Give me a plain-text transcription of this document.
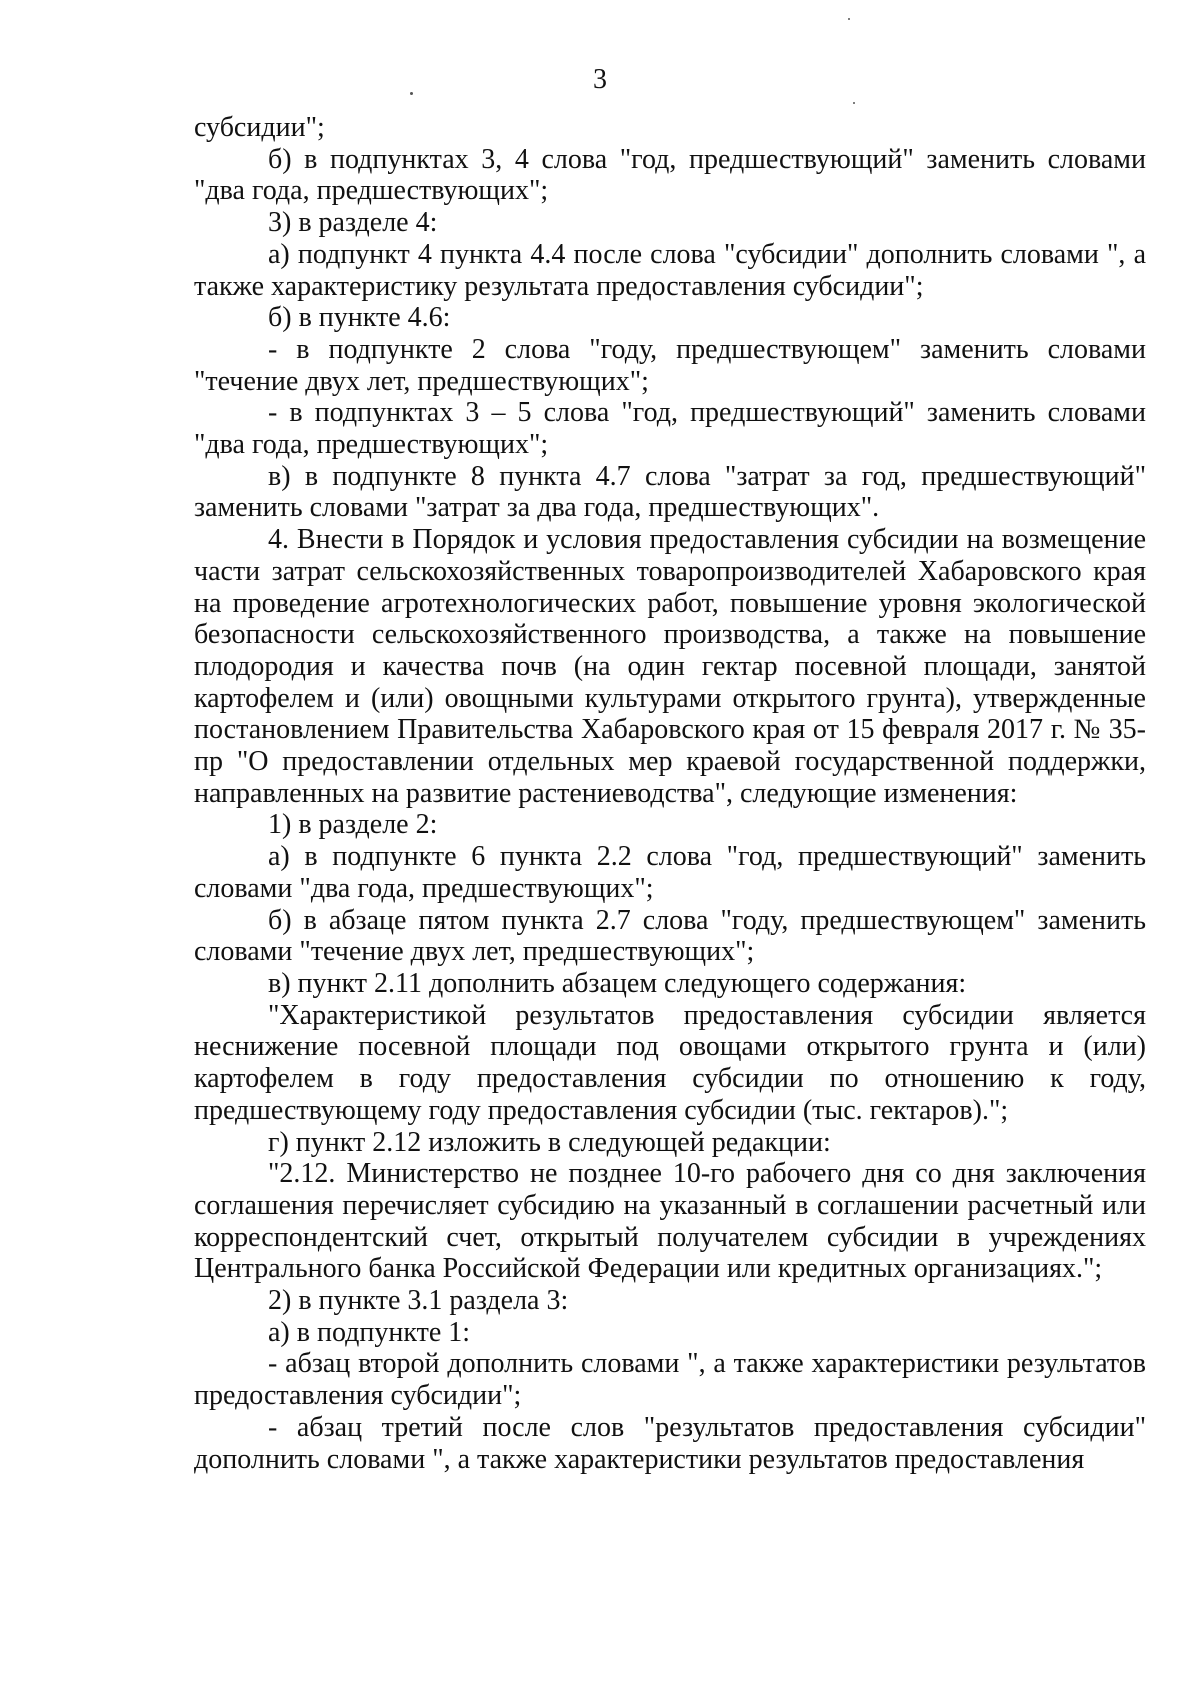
3

субсидии";

б) в подпунктах 3, 4 слова "год, предшествующий" заменить словами "два года, предшествующих";

3) в разделе 4:

а) подпункт 4 пункта 4.4 после слова "субсидии" дополнить словами ", а также характеристику результата предоставления субсидии";

б) в пункте 4.6:

- в подпункте 2 слова "году, предшествующем" заменить словами "течение двух лет, предшествующих";

- в подпунктах 3 – 5 слова "год, предшествующий" заменить словами "два года, предшествующих";

в) в подпункте 8 пункта 4.7 слова "затрат за год, предшествующий" заменить словами "затрат за два года, предшествующих".

4. Внести в Порядок и условия предоставления субсидии на возмещение части затрат сельскохозяйственных товаропроизводителей Хабаровского края на проведение агротехнологических работ, повышение уровня экологической безопасности сельскохозяйственного производства, а также на повышение плодородия и качества почв (на один гектар посевной площади, занятой картофелем и (или) овощными культурами открытого грунта), утвержденные постановлением Правительства Хабаровского края от 15 февраля 2017 г. № 35-пр "О предоставлении отдельных мер краевой государственной поддержки, направленных на развитие растениеводства", следующие изменения:

1) в разделе 2:

а) в подпункте 6 пункта 2.2 слова "год, предшествующий" заменить словами "два года, предшествующих";

б) в абзаце пятом пункта 2.7 слова "году, предшествующем" заменить словами "течение двух лет, предшествующих";

в) пункт 2.11 дополнить абзацем следующего содержания:

"Характеристикой результатов предоставления субсидии является неснижение посевной площади под овощами открытого грунта и (или) картофелем в году предоставления субсидии по отношению к году, предшествующему году предоставления субсидии (тыс. гектаров).";

г) пункт 2.12 изложить в следующей редакции:

"2.12. Министерство не позднее 10-го рабочего дня со дня заключения соглашения перечисляет субсидию на указанный в соглашении расчетный или корреспондентский счет, открытый получателем субсидии в учреждениях Центрального банка Российской Федерации или кредитных организациях.";

2) в пункте 3.1 раздела 3:

а) в подпункте 1:

- абзац второй дополнить словами ", а также характеристики результатов предоставления субсидии";

- абзац третий после слов "результатов предоставления субсидии" дополнить словами ", а также характеристики результатов предоставления
